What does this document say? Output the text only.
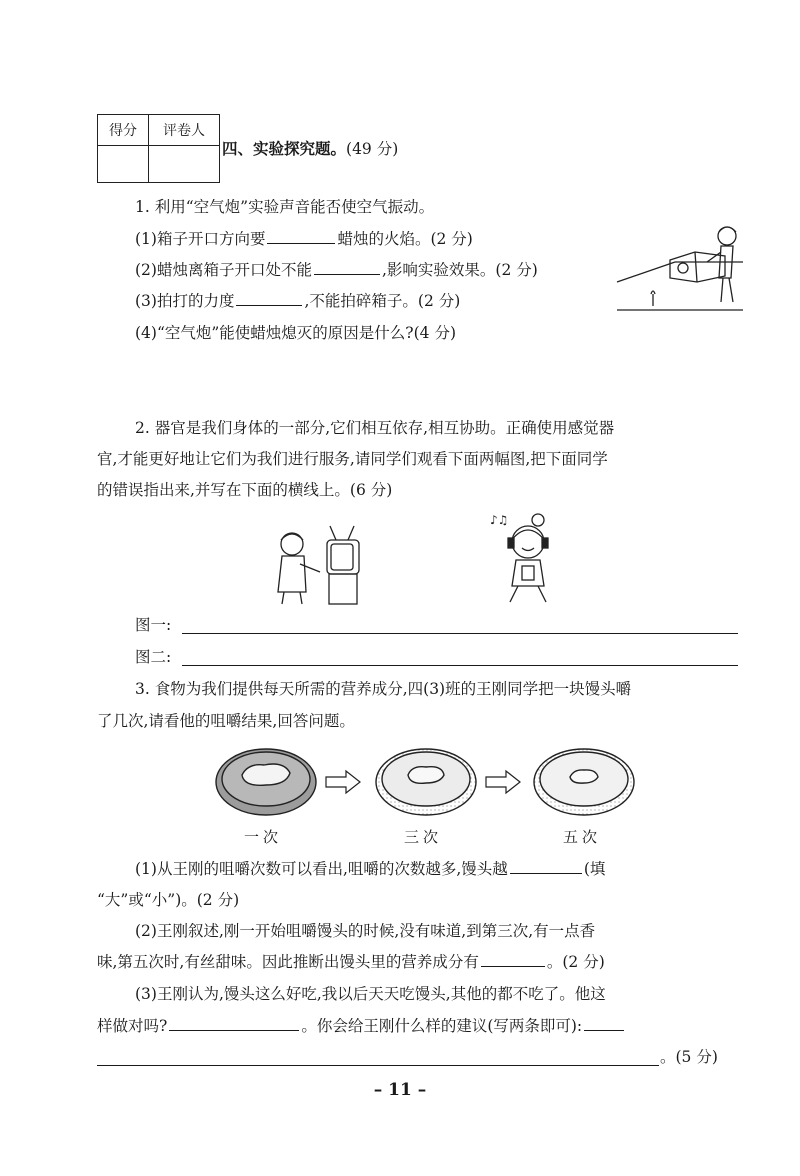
得分	评卷人

四、实验探究题。(49 分)
1. 利用“空气炮”实验声音能否使空气振动。
(1)箱子开口方向要	蜡烛的火焰。(2 分)
(2)蜡烛离箱子开口处不能	,影响实验效果。(2 分)
(3)拍打的力度	,不能拍碎箱子。(2 分)
(4)“空气炮”能使蜡烛熄灭的原因是什么?(4 分)
2. 器官是我们身体的一部分,它们相互依存,相互协助。正确使用感觉器
官,才能更好地让它们为我们进行服务,请同学们观看下面两幅图,把下面同学
的错误指出来,并写在下面的横线上。(6 分)
♪♫
图一:
图二:
3. 食物为我们提供每天所需的营养成分,四(3)班的王刚同学把一块馒头嚼
了几次,请看他的咀嚼结果,回答问题。
一次	三次	五次
(1)从王刚的咀嚼次数可以看出,咀嚼的次数越多,馒头越	(填
“大”或“小”)。(2 分)
(2)王刚叙述,刚一开始咀嚼馒头的时候,没有味道,到第三次,有一点香
味,第五次时,有丝甜味。因此推断出馒头里的营养成分有	。(2 分)
(3)王刚认为,馒头这么好吃,我以后天天吃馒头,其他的都不吃了。他这
样做对吗?	。你会给王刚什么样的建议(写两条即可):
。(5 分)
– 11 –
